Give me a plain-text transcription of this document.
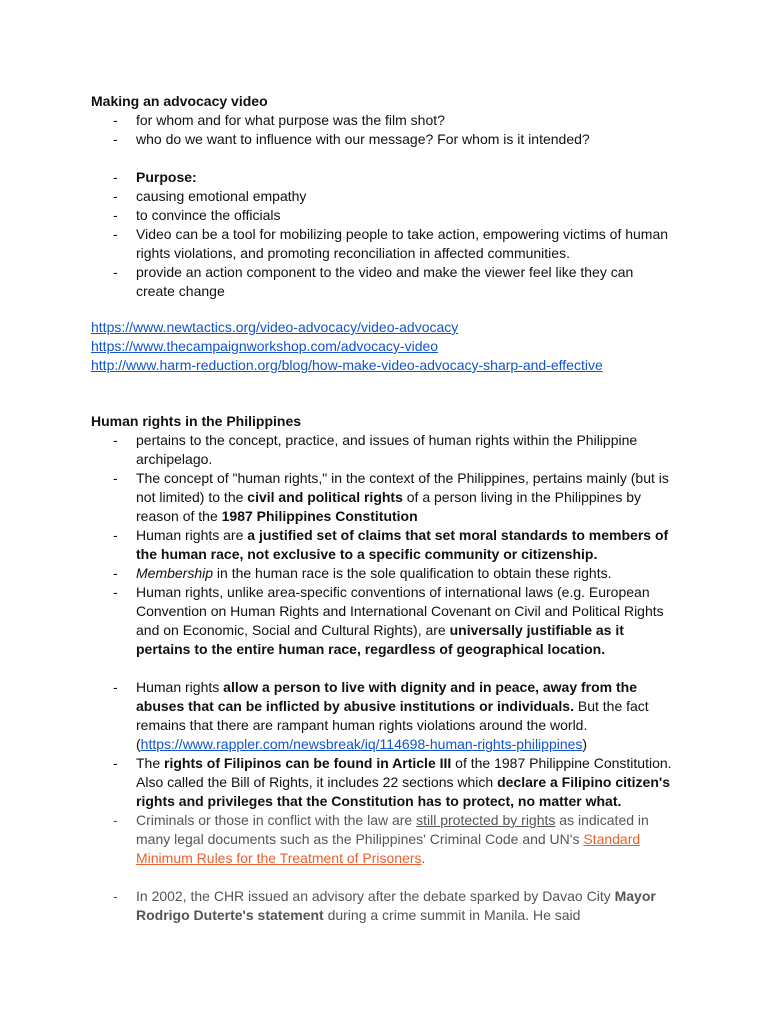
Making an advocacy video
- for whom and for what purpose was the film shot?
- who do we want to influence with our message? For whom is it intended?
- Purpose:
- causing emotional empathy
- to convince the officials
- Video can be a tool for mobilizing people to take action, empowering victims of human rights violations, and promoting reconciliation in affected communities.
- provide an action component to the video and make the viewer feel like they can create change
https://www.newtactics.org/video-advocacy/video-advocacy
https://www.thecampaignworkshop.com/advocacy-video
http://www.harm-reduction.org/blog/how-make-video-advocacy-sharp-and-effective
Human rights in the Philippines
- pertains to the concept, practice, and issues of human rights within the Philippine archipelago.
- The concept of "human rights," in the context of the Philippines, pertains mainly (but is not limited) to the civil and political rights of a person living in the Philippines by reason of the 1987 Philippines Constitution
- Human rights are a justified set of claims that set moral standards to members of the human race, not exclusive to a specific community or citizenship.
- Membership in the human race is the sole qualification to obtain these rights.
- Human rights, unlike area-specific conventions of international laws (e.g. European Convention on Human Rights and International Covenant on Civil and Political Rights and on Economic, Social and Cultural Rights), are universally justifiable as it pertains to the entire human race, regardless of geographical location.
- Human rights allow a person to live with dignity and in peace, away from the abuses that can be inflicted by abusive institutions or individuals. But the fact remains that there are rampant human rights violations around the world. (https://www.rappler.com/newsbreak/iq/114698-human-rights-philippines)
- The rights of Filipinos can be found in Article III of the 1987 Philippine Constitution. Also called the Bill of Rights, it includes 22 sections which declare a Filipino citizen's rights and privileges that the Constitution has to protect, no matter what.
- Criminals or those in conflict with the law are still protected by rights as indicated in many legal documents such as the Philippines' Criminal Code and UN's Standard Minimum Rules for the Treatment of Prisoners.
- In 2002, the CHR issued an advisory after the debate sparked by Davao City Mayor Rodrigo Duterte's statement during a crime summit in Manila. He said
